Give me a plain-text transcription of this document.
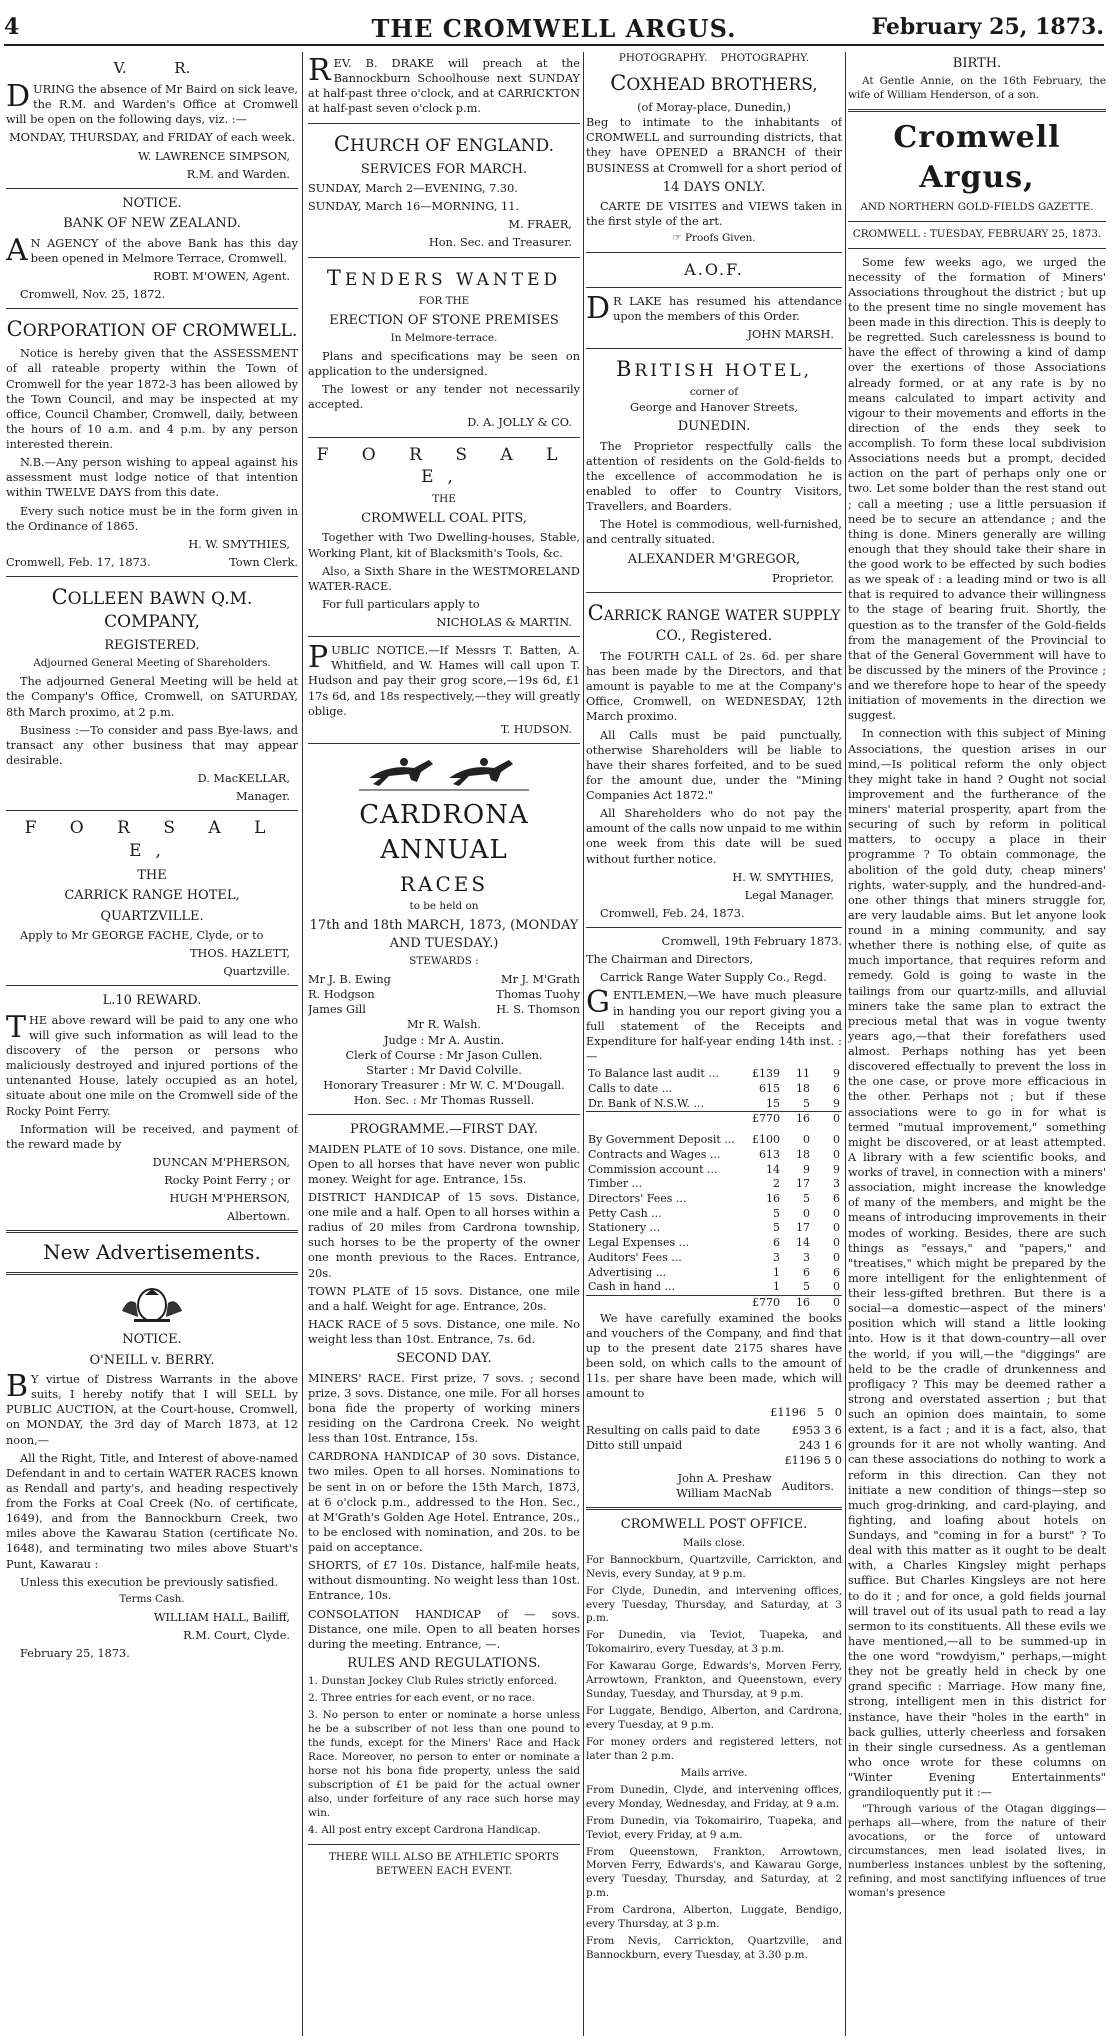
4	THE CROMWELL ARGUS.	February 25, 1873.
V.          R.

DURING the absence of Mr Baird on sick leave, the R.M. and Warden's Office at Cromwell will be open on the following days, viz. :—

MONDAY, THURSDAY, and FRIDAY of each week.

W. LAWRENCE SIMPSON,

R.M. and Warden.

NOTICE.
BANK OF NEW ZEALAND.

A N AGENCY of the above Bank has this day been opened in Melmore Terrace, Cromwell.

ROBT. M'OWEN, Agent.

Cromwell, Nov. 25, 1872.

CORPORATION OF CROMWELL.

Notice is hereby given that the ASSESSMENT of all rateable property within the Town of Cromwell for the year 1872-3 has been allowed by the Town Council, and may be inspected at my office, Council Chamber, Cromwell, daily, between the hours of 10 a.m. and 4 p.m. by any person interested therein.

N.B.—Any person wishing to appeal against his assessment must lodge notice of that intention within TWELVE DAYS from this date.

Every such notice must be in the form given in the Ordinance of 1865.

H. W. SMYTHIES,

Cromwell, Feb. 17, 1873.	Town Clerk.
COLLEEN BAWN Q.M. COMPANY,
REGISTERED.
Adjourned General Meeting of Shareholders.

The adjourned General Meeting will be held at the Company's Office, Cromwell, on SATURDAY, 8th March proximo, at 2 p.m.

Business :—To consider and pass Bye-laws, and transact any other business that may appear desirable.

D. MacKELLAR,

Manager.

F O R S A L E,
THE
CARRICK RANGE HOTEL,
QUARTZVILLE.

Apply to Mr GEORGE FACHE, Clyde, or to

THOS. HAZLETT,

Quartzville.

L.10 REWARD.

THE above reward will be paid to any one who will give such information as will lead to the discovery of the person or persons who maliciously destroyed and injured portions of the untenanted House, lately occupied as an hotel, situate about one mile on the Cromwell side of the Rocky Point Ferry.

Information will be received, and payment of the reward made by

DUNCAN M'PHERSON,

Rocky Point Ferry ; or

HUGH M'PHERSON,

Albertown.

New Advertisements.
NOTICE.
O'NEILL v. BERRY.

B Y virtue of Distress Warrants in the above suits, I hereby notify that I will SELL by PUBLIC AUCTION, at the Court-house, Cromwell, on MONDAY, the 3rd day of March 1873, at 12 noon,—

All the Right, Title, and Interest of above-named Defendant in and to certain WATER RACES known as Rendall and party's, and heading respectively from the Forks at Coal Creek (No. of certificate, 1649), and from the Bannockburn Creek, two miles above the Kawarau Station (certificate No. 1648), and terminating two miles above Stuart's Punt, Kawarau :

Unless this execution be previously satisfied.

Terms Cash.

WILLIAM HALL, Bailiff,

R.M. Court, Clyde.

February 25, 1873.

REV. B. DRAKE will preach at the Bannockburn Schoolhouse next SUNDAY at half-past three o'clock, and at CARRICKTON at half-past seven o'clock p.m.

CHURCH OF ENGLAND.
SERVICES FOR MARCH.

SUNDAY, March 2—EVENING, 7.30.

SUNDAY, March 16—MORNING, 11.

M. FRAER,

Hon. Sec. and Treasurer.

TENDERS WANTED
FOR THE
ERECTION OF STONE PREMISES
In Melmore-terrace.

Plans and specifications may be seen on application to the undersigned.

The lowest or any tender not necessarily accepted.

D. A. JOLLY & CO.

F O R S A L E,
THE
CROMWELL COAL PITS,

Together with Two Dwelling-houses, Stable, Working Plant, kit of Blacksmith's Tools, &c.

Also, a Sixth Share in the WESTMORELAND WATER-RACE.

For full particulars apply to

NICHOLAS & MARTIN.

PUBLIC NOTICE.—If Messrs T. Batten, A. Whitfield, and W. Hames will call upon T. Hudson and pay their grog score,—19s 6d, £1 17s 6d, and 18s respectively,—they will greatly oblige.

T. HUDSON.

CARDRONA ANNUAL
RACES
to be held on
17th and 18th MARCH, 1873, (MONDAY AND TUESDAY.)
STEWARDS :
Mr J. B. Ewing	Mr J. M'Grath
R. Hodgson	Thomas Tuohy
James Gill	H. S. Thomson
Mr R. Walsh.
Judge : Mr A. Austin.
Clerk of Course : Mr Jason Cullen.
Starter : Mr David Colville.
Honorary Treasurer : Mr W. C. M'Dougall.
Hon. Sec. : Mr Thomas Russell.
PROGRAMME.—FIRST DAY.

MAIDEN PLATE of 10 sovs. Distance, one mile. Open to all horses that have never won public money. Weight for age. Entrance, 15s.

DISTRICT HANDICAP of 15 sovs. Distance, one mile and a half. Open to all horses within a radius of 20 miles from Cardrona township, such horses to be the property of the owner one month previous to the Races. Entrance, 20s.

TOWN PLATE of 15 sovs. Distance, one mile and a half. Weight for age. Entrance, 20s.

HACK RACE of 5 sovs. Distance, one mile. No weight less than 10st. Entrance, 7s. 6d.

SECOND DAY.

MINERS' RACE. First prize, 7 sovs. ; second prize, 3 sovs. Distance, one mile. For all horses bona fide the property of working miners residing on the Cardrona Creek. No weight less than 10st. Entrance, 15s.

CARDRONA HANDICAP of 30 sovs. Distance, two miles. Open to all horses. Nominations to be sent in on or before the 15th March, 1873, at 6 o'clock p.m., addressed to the Hon. Sec., at M'Grath's Golden Age Hotel. Entrance, 20s., to be enclosed with nomination, and 20s. to be paid on acceptance.

SHORTS, of £7 10s. Distance, half-mile heats, without dismounting. No weight less than 10st. Entrance, 10s.

CONSOLATION HANDICAP of — sovs. Distance, one mile. Open to all beaten horses during the meeting. Entrance, —.

RULES AND REGULATIONS.

1. Dunstan Jockey Club Rules strictly enforced.

2. Three entries for each event, or no race.

3. No person to enter or nominate a horse unless he be a subscriber of not less than one pound to the funds, except for the Miners' Race and Hack Race. Moreover, no person to enter or nominate a horse not his bona fide property, unless the said subscription of £1 be paid for the actual owner also, under forfeiture of any race such horse may win.

4. All post entry except Cardrona Handicap.

THERE WILL ALSO BE ATHLETIC SPORTS BETWEEN EACH EVENT.

PHOTOGRAPHY.    PHOTOGRAPHY.
COXHEAD BROTHERS,
(of Moray-place, Dunedin,)

Beg to intimate to the inhabitants of CROMWELL and surrounding districts, that they have OPENED a BRANCH of their BUSINESS at Cromwell for a short period of

14 DAYS ONLY.

CARTE DE VISITES and VIEWS taken in the first style of the art.

☞ Proofs Given.
A.O.F.

D R LAKE has resumed his attendance upon the members of this Order.

JOHN MARSH.

BRITISH HOTEL,
corner of
George and Hanover Streets,
DUNEDIN.

The Proprietor respectfully calls the attention of residents on the Gold-fields to the excellence of accommodation he is enabled to offer to Country Visitors, Travellers, and Boarders.

The Hotel is commodious, well-furnished, and centrally situated.

ALEXANDER M'GREGOR,

Proprietor.

CARRICK RANGE WATER SUPPLY CO., Registered.

The FOURTH CALL of 2s. 6d. per share has been made by the Directors, and that amount is payable to me at the Company's Office, Cromwell, on WEDNESDAY, 12th March proximo.

All Calls must be paid punctually, otherwise Shareholders will be liable to have their shares forfeited, and to be sued for the amount due, under the "Mining Companies Act 1872."

All Shareholders who do not pay the amount of the calls now unpaid to me within one week from this date will be sued without further notice.

H. W. SMYTHIES,

Legal Manager.

Cromwell, Feb. 24, 1873.

Cromwell, 19th February 1873.

The Chairman and Directors,

Carrick Range Water Supply Co., Regd.

GENTLEMEN,—We have much pleasure in handing you our report giving you a full statement of the Receipts and Expenditure for half-year ending 14th inst. :—

To Balance last audit ...	£139	11	9
Calls to date ...	615	18	6
Dr. Bank of N.S.W. ...	15	5	9
	£770	16	0
By Government Deposit ...	£100	0	0
Contracts and Wages ...	613	18	0
Commission account ...	14	9	9
Timber ...	2	17	3
Directors' Fees ...	16	5	6
Petty Cash ...	5	0	0
Stationery ...	5	17	0
Legal Expenses ...	6	14	0
Auditors' Fees ...	3	3	0
Advertising ...	1	6	6
Cash in hand ...	1	5	0
	£770	16	0

We have carefully examined the books and vouchers of the Company, and find that up to the present date 2175 shares have been sold, on which calls to the amount of 11s. per share have been made, which will amount to

£1196   5   0

Resulting on calls paid to date	£953 3 6
Ditto still unpaid	243 1 6

£1196 5 0

John A. Preshaw
William MacNab
Auditors.
CROMWELL POST OFFICE.
Mails close.

For Bannockburn, Quartzville, Carrickton, and Nevis, every Sunday, at 9 p.m.

For Clyde, Dunedin, and intervening offices, every Tuesday, Thursday, and Saturday, at 3 p.m.

For Dunedin, via Teviot, Tuapeka, and Tokomairiro, every Tuesday, at 3 p.m.

For Kawarau Gorge, Edwards's, Morven Ferry, Arrowtown, Frankton, and Queenstown, every Sunday, Tuesday, and Thursday, at 9 p.m.

For Luggate, Bendigo, Alberton, and Cardrona, every Tuesday, at 9 p.m.

For money orders and registered letters, not later than 2 p.m.

Mails arrive.

From Dunedin, Clyde, and intervening offices, every Monday, Wednesday, and Friday, at 9 a.m.

From Dunedin, via Tokomairiro, Tuapeka, and Teviot, every Friday, at 9 a.m.

From Queenstown, Frankton, Arrowtown, Morven Ferry, Edwards's, and Kawarau Gorge, every Tuesday, Thursday, and Saturday, at 2 p.m.

From Cardrona, Alberton, Luggate, Bendigo, every Thursday, at 3 p.m.

From Nevis, Carrickton, Quartzville, and Bannockburn, every Tuesday, at 3.30 p.m.

BIRTH.

At Gentle Annie, on the 16th February, the wife of William Henderson, of a son.

Cromwell Argus,
AND NORTHERN GOLD-FIELDS GAZETTE.
CROMWELL : TUESDAY, FEBRUARY 25, 1873.

Some few weeks ago, we urged the necessity of the formation of Miners' Associations throughout the district ; but up to the present time no single movement has been made in this direction. This is deeply to be regretted. Such carelessness is bound to have the effect of throwing a kind of damp over the exertions of those Associations already formed, or at any rate is by no means calculated to impart activity and vigour to their movements and efforts in the direction of the ends they seek to accomplish. To form these local subdivision Associations needs but a prompt, decided action on the part of perhaps only one or two. Let some bolder than the rest stand out ; call a meeting ; use a little persuasion if need be to secure an attendance ; and the thing is done. Miners generally are willing enough that they should take their share in the good work to be effected by such bodies as we speak of : a leading mind or two is all that is required to advance their willingness to the stage of bearing fruit. Shortly, the question as to the transfer of the Gold-fields from the management of the Provincial to that of the General Government will have to be discussed by the miners of the Province ; and we therefore hope to hear of the speedy initiation of movements in the direction we suggest.

In connection with this subject of Mining Associations, the question arises in our mind,—Is political reform the only object they might take in hand ? Ought not social improvement and the furtherance of the miners' material prosperity, apart from the securing of such by reform in political matters, to occupy a place in their programme ? To obtain commonage, the abolition of the gold duty, cheap miners' rights, water-supply, and the hundred-and-one other things that miners struggle for, are very laudable aims. But let anyone look round in a mining community, and say whether there is nothing else, of quite as much importance, that requires reform and remedy. Gold is going to waste in the tailings from our quartz-mills, and alluvial miners take the same plan to extract the precious metal that was in vogue twenty years ago,—that their forefathers used almost. Perhaps nothing has yet been discovered effectually to prevent the loss in the one case, or prove more efficacious in the other. Perhaps not ; but if these associations were to go in for what is termed "mutual improvement," something might be discovered, or at least attempted. A library with a few scientific books, and works of travel, in connection with a miners' association, might increase the knowledge of many of the members, and might be the means of introducing improvements in their modes of working. Besides, there are such things as "essays," and "papers," and "treatises," which might be prepared by the more intelligent for the enlightenment of their less-gifted brethren. But there is a social—a domestic—aspect of the miners' position which will stand a little looking into. How is it that down-country—all over the world, if you will,—the "diggings" are held to be the cradle of drunkenness and profligacy ? This may be deemed rather a strong and overstated assertion ; but that such an opinion does maintain, to some extent, is a fact ; and it is a fact, also, that grounds for it are not wholly wanting. And can these associations do nothing to work a reform in this direction. Can they not initiate a new condition of things—step so much grog-drinking, and card-playing, and fighting, and loafing about hotels on Sundays, and "coming in for a burst" ? To deal with this matter as it ought to be dealt with, a Charles Kingsley might perhaps suffice. But Charles Kingsleys are not here to do it ; and for once, a gold fields journal will travel out of its usual path to read a lay sermon to its constituents. All these evils we have mentioned,—all to be summed-up in the one word "rowdyism," perhaps,—might they not be greatly held in check by one grand specific : Marriage. How many fine, strong, intelligent men in this district for instance, have their "holes in the earth" in back gullies, utterly cheerless and forsaken in their single cursedness. As a gentleman who once wrote for these columns on "Winter Evening Entertainments" grandiloquently put it :—

"Through various of the Otagan diggings—perhaps all—where, from the nature of their avocations, or the force of untoward circumstances, men lead isolated lives, in numberless instances unblest by the softening, refining, and most sanctifying influences of true woman's presence
